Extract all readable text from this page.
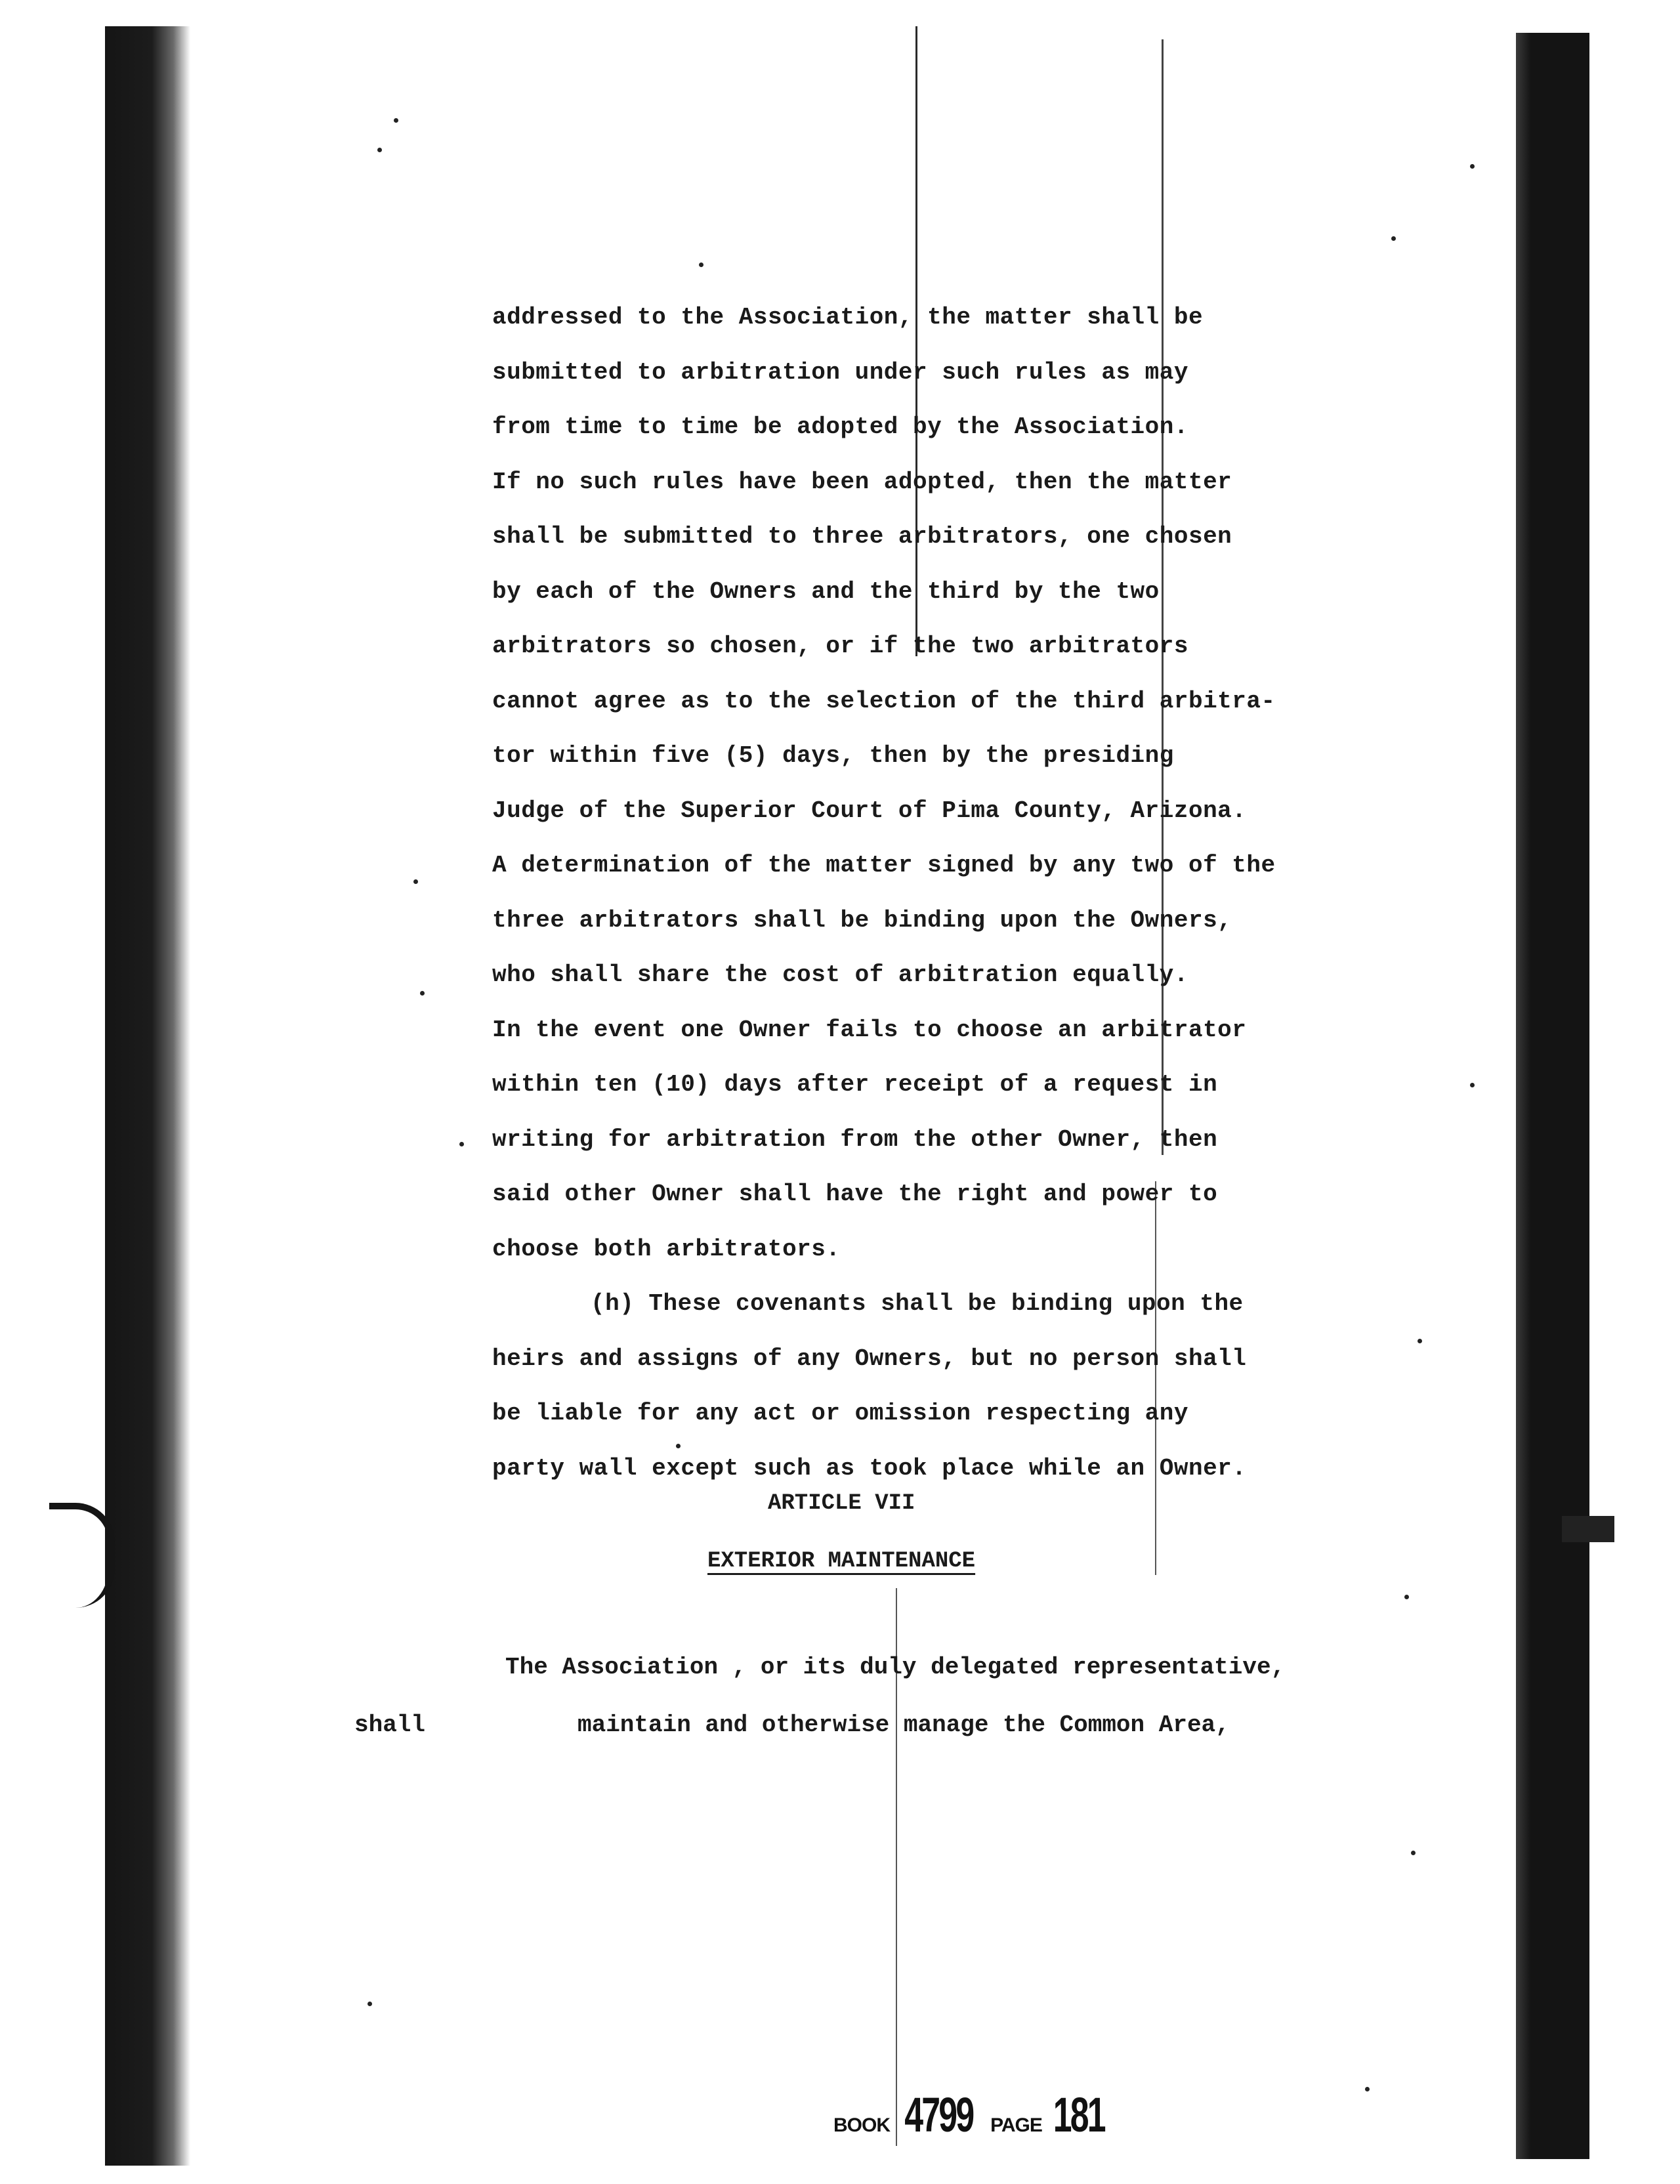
addressed to the Association, the matter shall be
submitted to arbitration under such rules as may
from time to time be adopted by the Association.
If no such rules have been adopted, then the matter
shall be submitted to three arbitrators, one chosen
by each of the Owners and the third by the two
arbitrators so chosen, or if the two arbitrators
cannot agree as to the selection of the third arbitra-
tor within five (5) days, then by the presiding
Judge of the Superior Court of Pima County, Arizona.
A determination of the matter signed by any two of the
three arbitrators shall be binding upon the Owners,
who shall share the cost of arbitration equally.
In the event one Owner fails to choose an arbitrator
within ten (10) days after receipt of a request in
writing for arbitration from the other Owner, then
said other Owner shall have the right and power to
choose both arbitrators.
(h) These covenants shall be binding upon the
heirs and assigns of any Owners, but no person shall
be liable for any act or omission respecting any
party wall except such as took place while an Owner.
ARTICLE VII
EXTERIOR MAINTENANCE
The Association , or its duly delegated representative,
shall	maintain and otherwise manage the Common Area,
BOOK 4799 PAGE 181
